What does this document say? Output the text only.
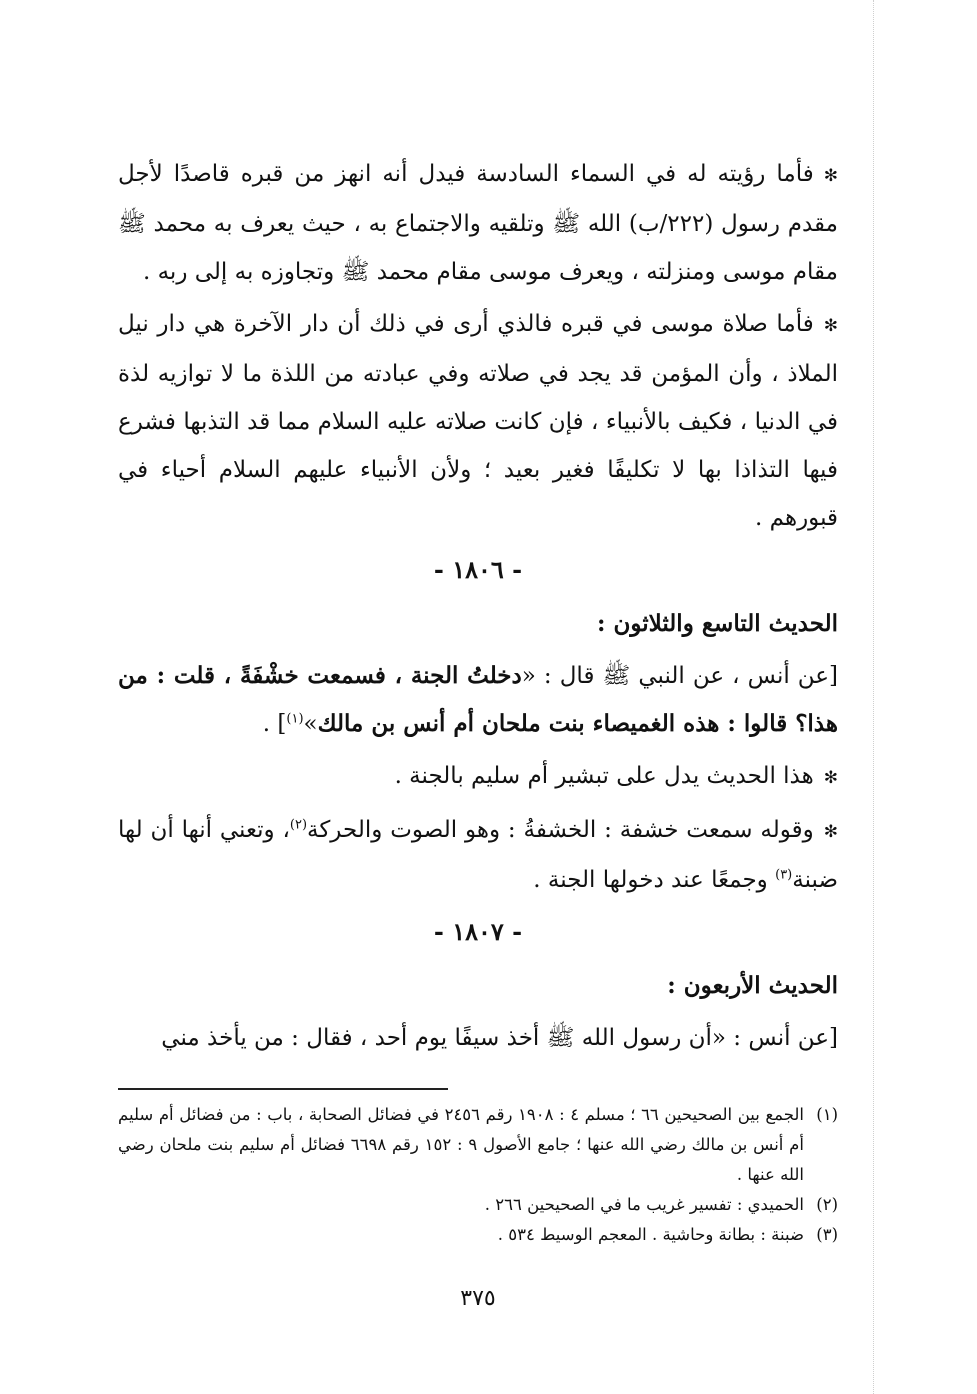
✻فأما رؤيته له في السماء السادسة فيدل أنه انهز من قبره قاصدًا لأجل مقدم رسول (٢٢٢/ب) الله ﷺ وتلقيه والاجتماع به ، حيث يعرف به محمد ﷺ مقام موسى ومنزلته ، ويعرف موسى مقام محمد ﷺ وتجاوزه به إلى ربه .

✻فأما صلاة موسى في قبره فالذي أرى في ذلك أن دار الآخرة هي دار نيل الملاذ ، وأن المؤمن قد يجد في صلاته وفي عبادته من اللذة ما لا توازيه لذة في الدنيا ، فكيف بالأنبياء ، فإن كانت صلاته عليه السلام مما قد التذبها فشرع فيها التذاذا بها لا تكليفًا فغير بعيد ؛ ولأن الأنبياء عليهم السلام أحياء في قبورهم .

- ١٨٠٦ -
الحديث التاسع والثلاثون :

[عن أنس ، عن النبي ﷺ قال : «دخلتُ الجنة ، فسمعت خشْفَةً ، قلت : من هذا؟ قالوا : هذه الغميصاء بنت ملحان أم أنس بن مالك»$^{(١)}$] .

✻هذا الحديث يدل على تبشير أم سليم بالجنة .

✻وقوله سمعت خشفة : الخشفةُ : وهو الصوت والحركة$^{(٢)}$، وتعني أنها أن لها ضبنة$^{(٣)}$ وجمعًا عند دخولها الجنة .

- ١٨٠٧ -
الحديث الأربعون :

[عن أنس : «أن رسول الله ﷺ أخذ سيفًا يوم أحد ، فقال : من يأخذ مني

(١)
الجمع بين الصحيحين ٦٦ ؛ مسلم ٤ : ١٩٠٨ رقم ٢٤٥٦ في فضائل الصحابة ، باب : من فضائل أم سليم أم أنس بن مالك رضي الله عنها ؛ جامع الأصول ٩ : ١٥٢ رقم ٦٦٩٨ فضائل أم سليم بنت ملحان رضي الله عنها .
(٢)
الحميدي : تفسير غريب ما في الصحيحين ٢٦٦ .
(٣)
ضبنة : بطانة وحاشية . المعجم الوسيط ٥٣٤ .
٣٧٥
